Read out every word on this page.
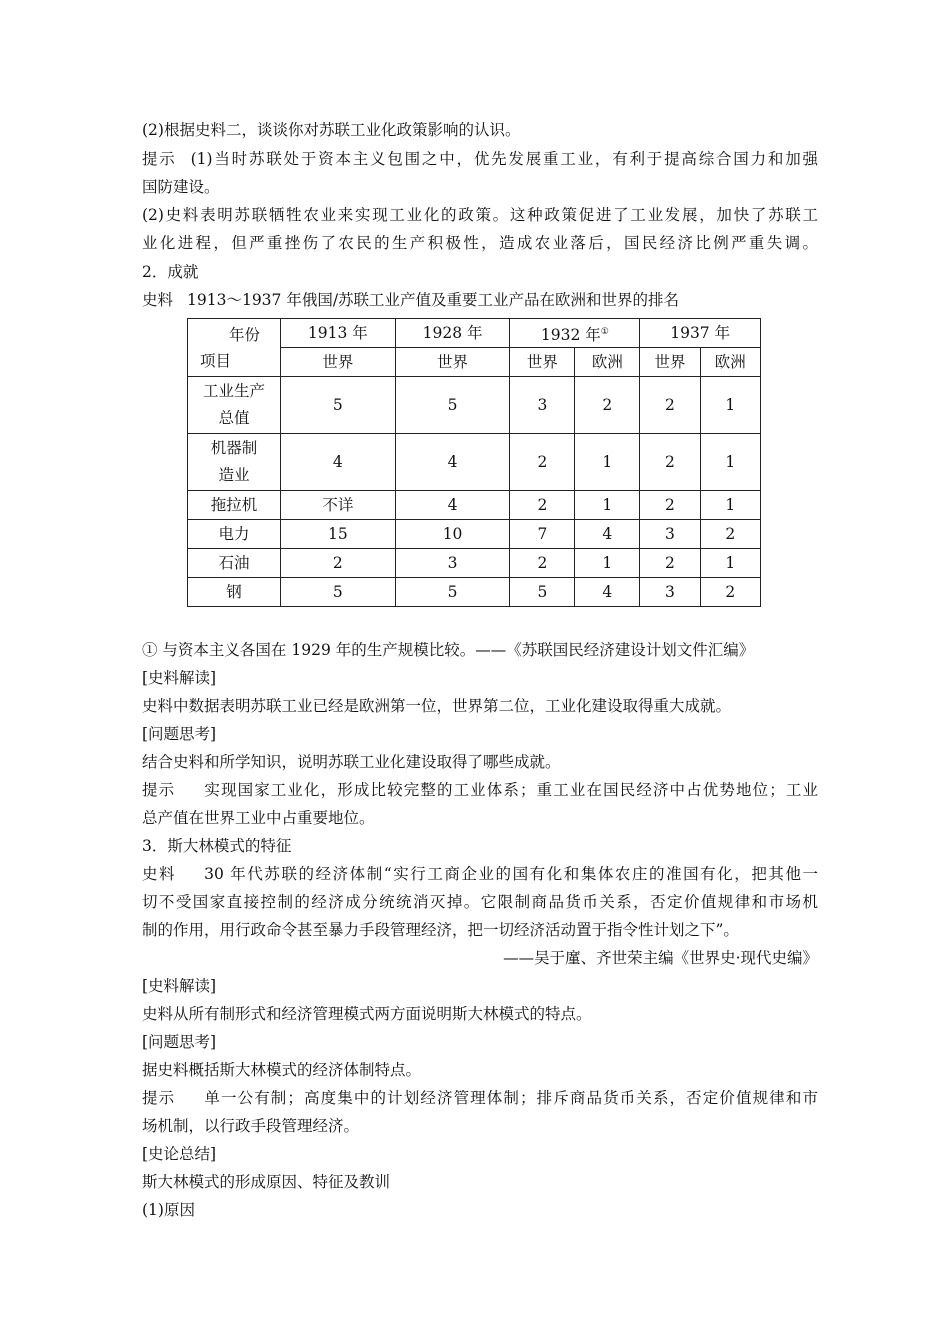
(2)根据史料二，谈谈你对苏联工业化政策影响的认识。
提示 (1)当时苏联处于资本主义包围之中，优先发展重工业，有利于提高综合国力和加强
国防建设。
(2)史料表明苏联牺牲农业来实现工业化的政策。这种政策促进了工业发展，加快了苏联工
业化进程，但严重挫伤了农民的生产积极性，造成农业落后，国民经济比例严重失调。
2．成就
史料 1913～1937 年俄国/苏联工业产值及重要工业产品在欧洲和世界的排名
年份
项目	1913 年	1928 年	1932 年①		1937 年	
	世界	世界	世界	欧洲	世界	欧洲
工业生产
总值	5	5	3	2	2	1
机器制
造业	4	4	2	1	2	1
拖拉机	不详	4	2	1	2	1
电力	15	10	7	4	3	2
石油	2	3	2	1	2	1
钢	5	5	5	4	3	2
① 与资本主义各国在 1929 年的生产规模比较。——《苏联国民经济建设计划文件汇编》
[史料解读]
史料中数据表明苏联工业已经是欧洲第一位，世界第二位，工业化建设取得重大成就。
[问题思考]
结合史料和所学知识，说明苏联工业化建设取得了哪些成就。
提示 实现国家工业化，形成比较完整的工业体系；重工业在国民经济中占优势地位；工业
总产值在世界工业中占重要地位。
3．斯大林模式的特征
史料 30 年代苏联的经济体制“实行工商企业的国有化和集体农庄的准国有化，把其他一
切不受国家直接控制的经济成分统统消灭掉。它限制商品货币关系，否定价值规律和市场机
制的作用，用行政命令甚至暴力手段管理经济，把一切经济活动置于指令性计划之下”。
——吴于廑、齐世荣主编《世界史·现代史编》
[史料解读]
史料从所有制形式和经济管理模式两方面说明斯大林模式的特点。
[问题思考]
据史料概括斯大林模式的经济体制特点。
提示 单一公有制；高度集中的计划经济管理体制；排斥商品货币关系，否定价值规律和市
场机制，以行政手段管理经济。
[史论总结]
斯大林模式的形成原因、特征及教训
(1)原因
